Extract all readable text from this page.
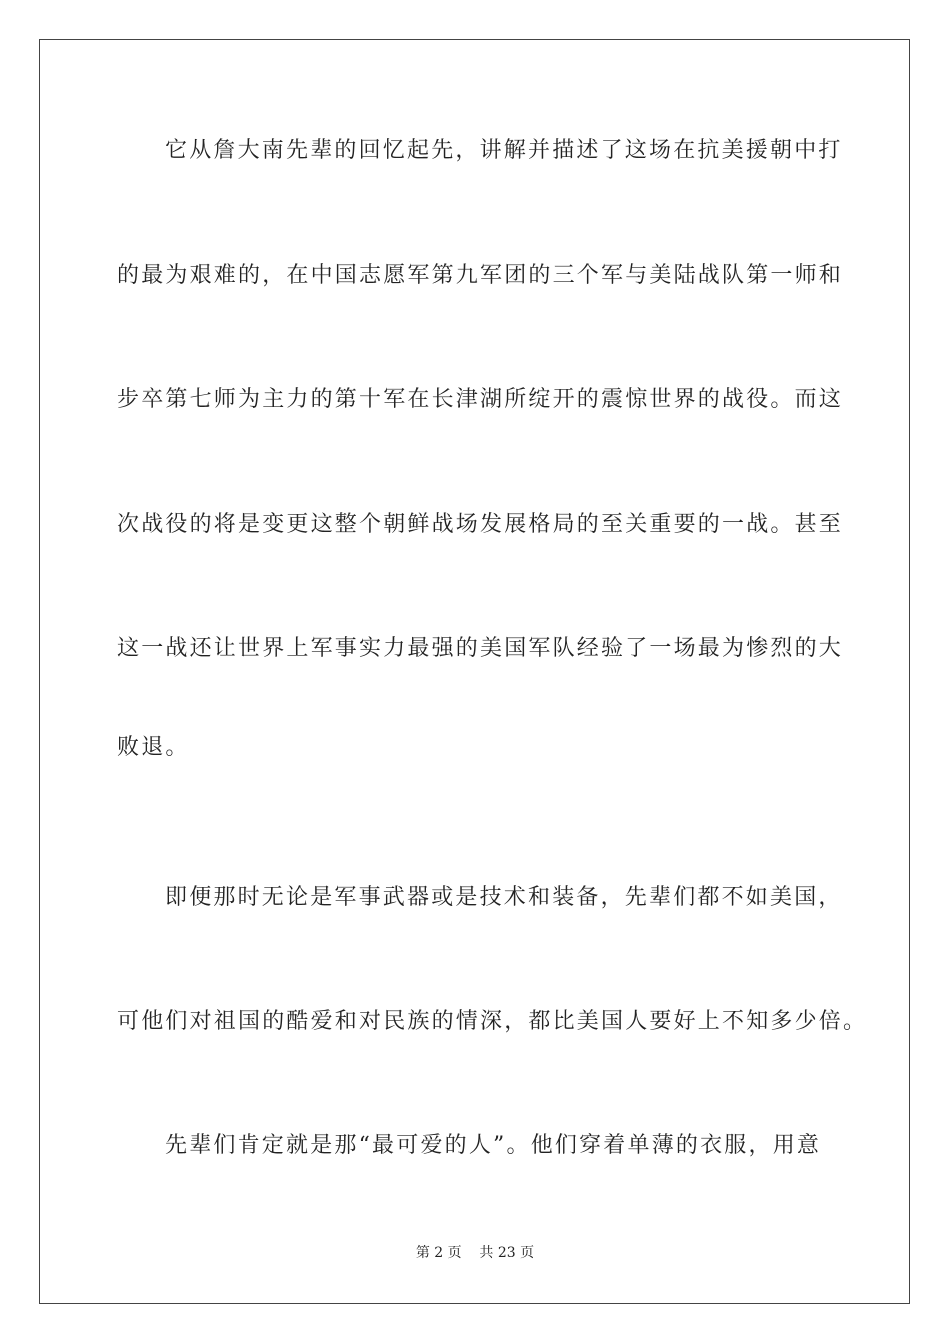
它从詹大南先辈的回忆起先，讲解并描述了这场在抗美援朝中打
的最为艰难的，在中国志愿军第九军团的三个军与美陆战队第一师和
步卒第七师为主力的第十军在长津湖所绽开的震惊世界的战役。而这
次战役的将是变更这整个朝鲜战场发展格局的至关重要的一战。甚至
这一战还让世界上军事实力最强的美国军队经验了一场最为惨烈的大
败退。
即便那时无论是军事武器或是技术和装备，先辈们都不如美国，
可他们对祖国的酷爱和对民族的情深，都比美国人要好上不知多少倍。
先辈们肯定就是那“最可爱的人”。他们穿着单薄的衣服，用意
第 2 页    共 23 页
